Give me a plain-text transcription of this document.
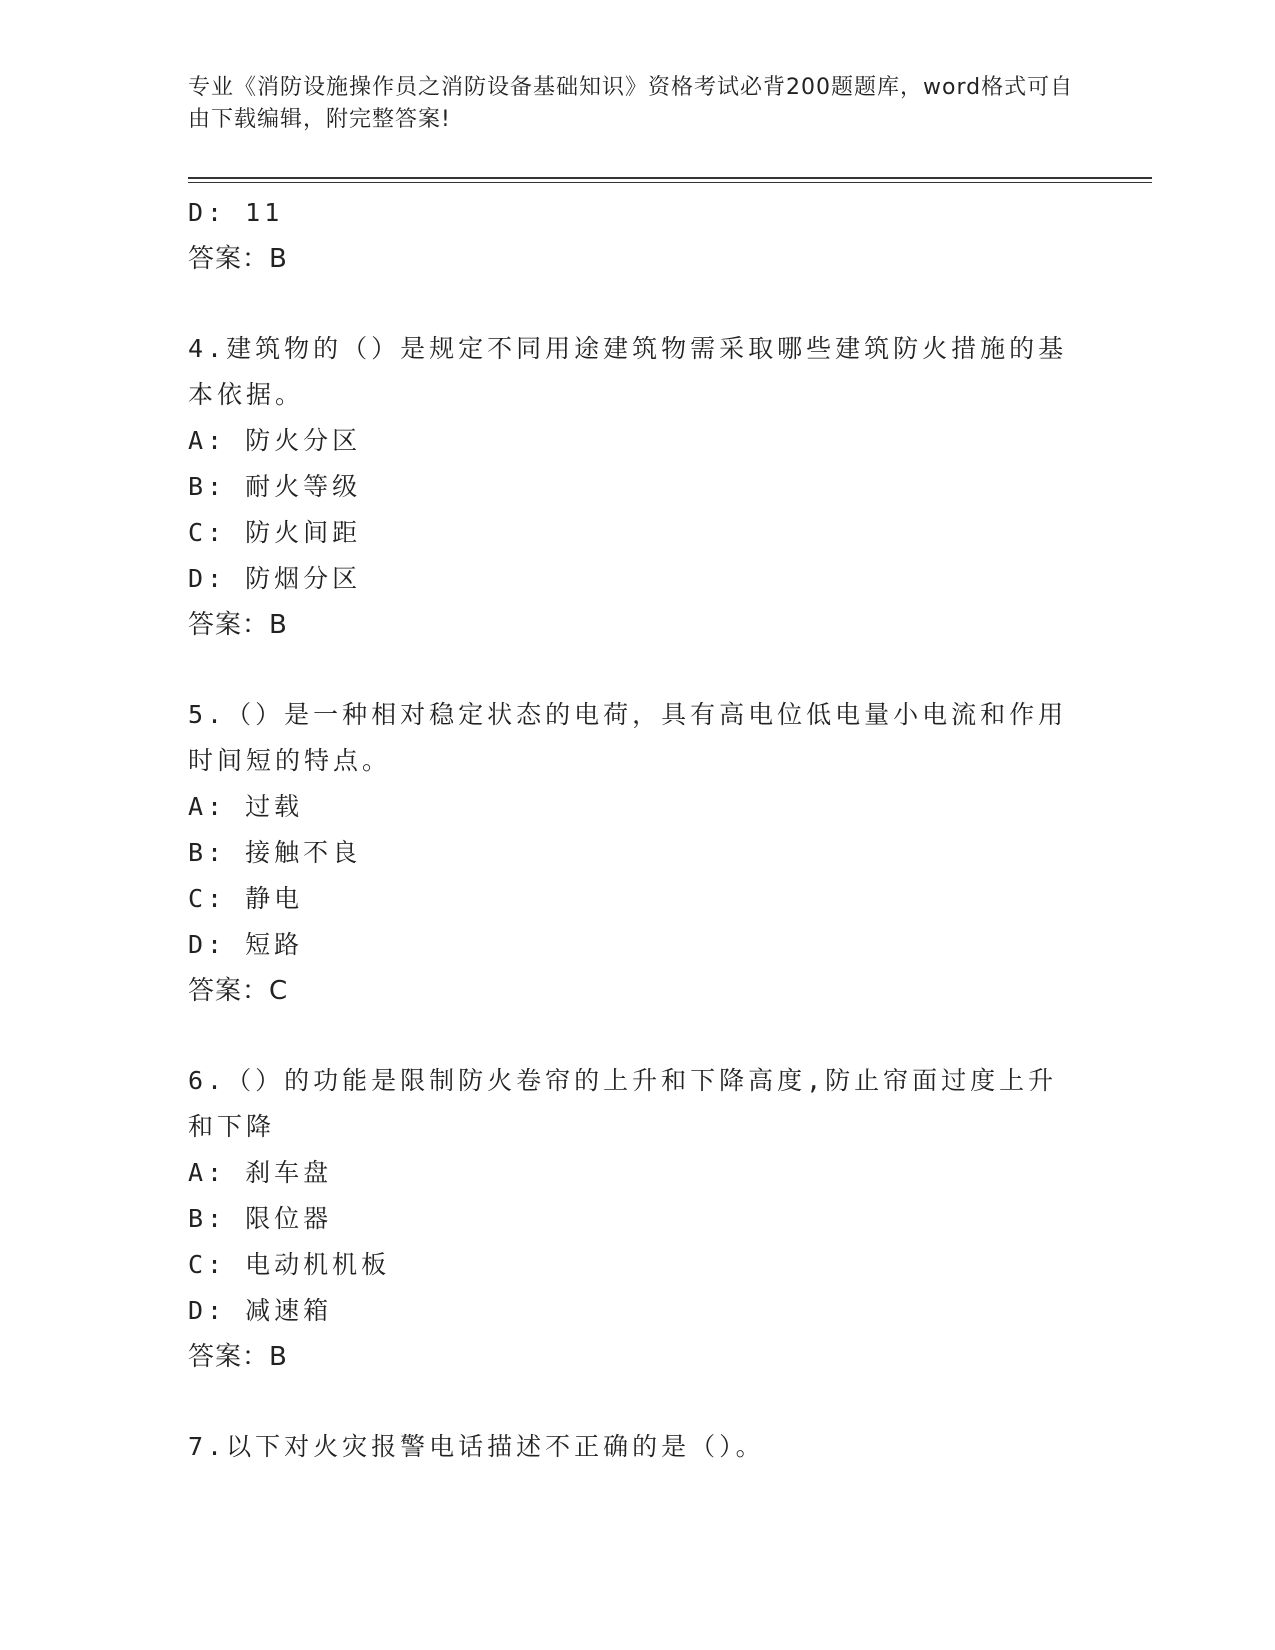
专业《消防设施操作员之消防设备基础知识》资格考试必背200题题库，word格式可自由下载编辑，附完整答案!
D: 11
答案：B
4.建筑物的（）是规定不同用途建筑物需采取哪些建筑防火措施的基本依据。
A: 防火分区
B: 耐火等级
C: 防火间距
D: 防烟分区
答案：B
5.（）是一种相对稳定状态的电荷，具有高电位低电量小电流和作用时间短的特点。
A: 过载
B: 接触不良
C: 静电
D: 短路
答案：C
6.（）的功能是限制防火卷帘的上升和下降高度,防止帘面过度上升和下降
A: 刹车盘
B: 限位器
C: 电动机机板
D: 减速箱
答案：B
7.以下对火灾报警电话描述不正确的是（）。
